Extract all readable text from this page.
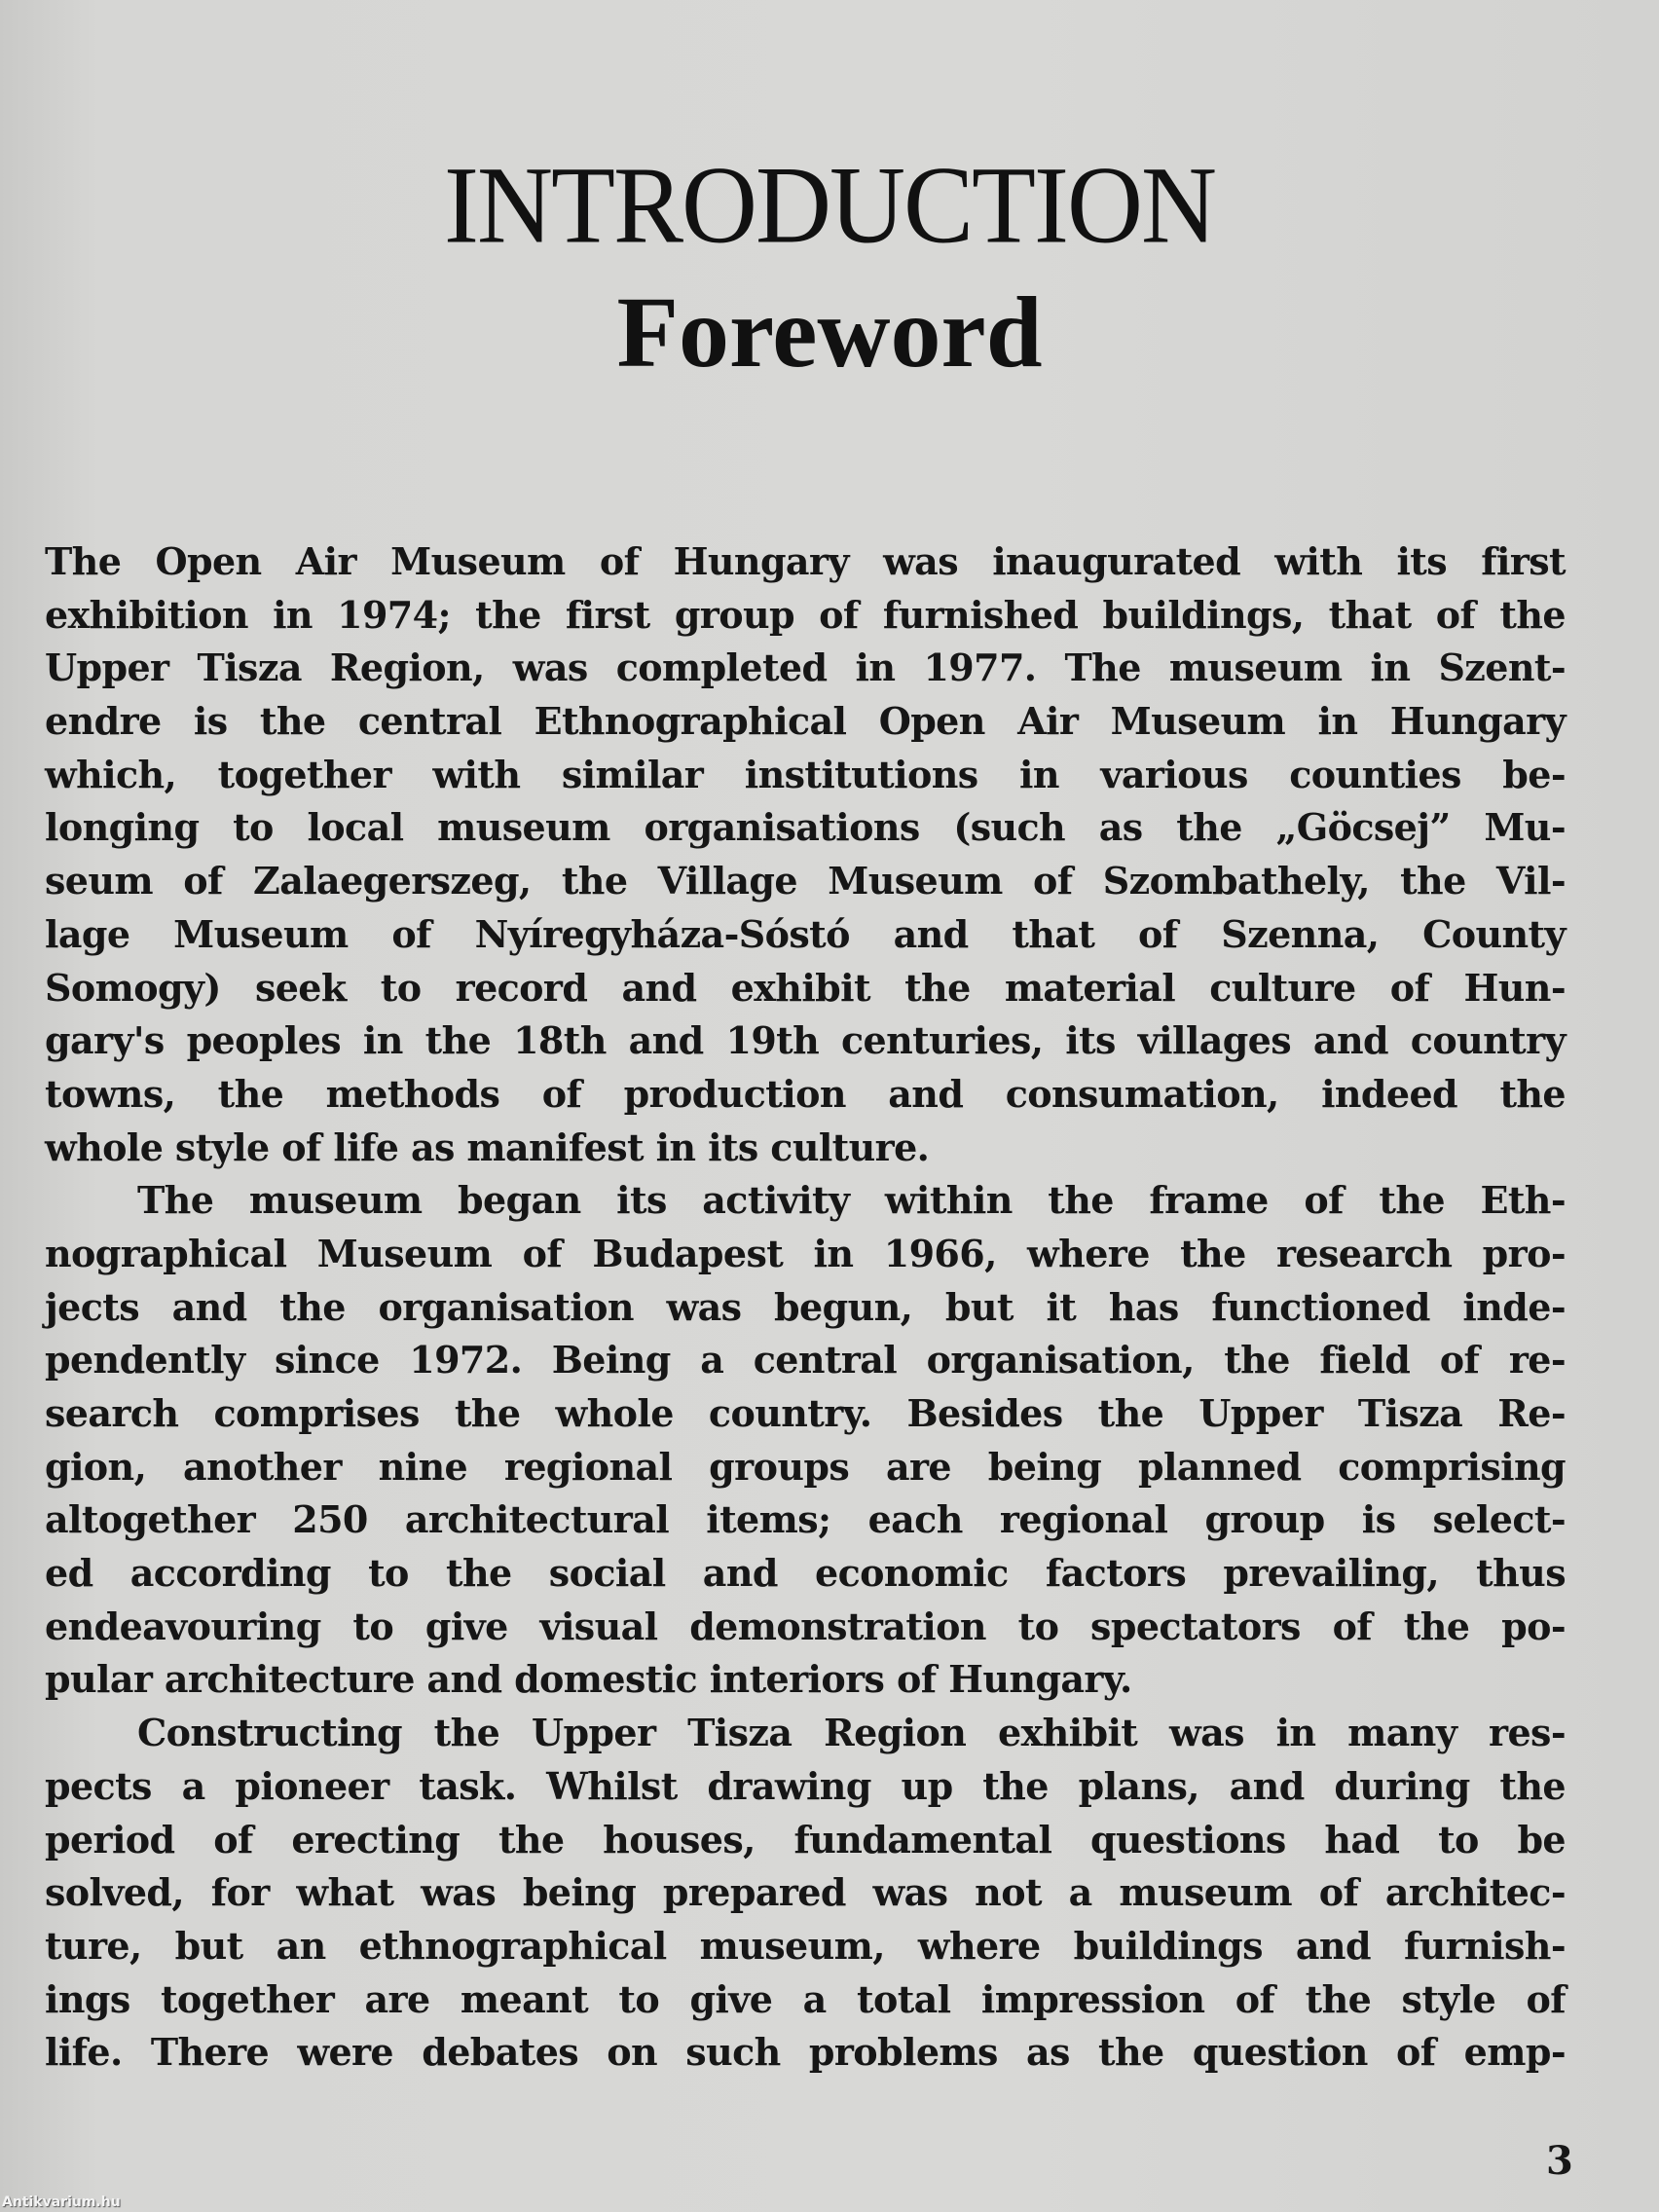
INTRODUCTION
Foreword
The Open Air Museum of Hungary was inaugurated with its first
exhibition in 1974; the first group of furnished buildings, that of the
Upper Tisza Region, was completed in 1977. The museum in Szent-
endre is the central Ethnographical Open Air Museum in Hungary
which, together with similar institutions in various counties be-
longing to local museum organisations (such as the „Göcsej” Mu-
seum of Zalaegerszeg, the Village Museum of Szombathely, the Vil-
lage Museum of Nyíregyháza-Sóstó and that of Szenna, County
Somogy) seek to record and exhibit the material culture of Hun-
gary's peoples in the 18th and 19th centuries, its villages and country
towns, the methods of production and consumation, indeed the
whole style of life as manifest in its culture.
The museum began its activity within the frame of the Eth-
nographical Museum of Budapest in 1966, where the research pro-
jects and the organisation was begun, but it has functioned inde-
pendently since 1972. Being a central organisation, the field of re-
search comprises the whole country. Besides the Upper Tisza Re-
gion, another nine regional groups are being planned comprising
altogether 250 architectural items; each regional group is select-
ed according to the social and economic factors prevailing, thus
endeavouring to give visual demonstration to spectators of the po-
pular architecture and domestic interiors of Hungary.
Constructing the Upper Tisza Region exhibit was in many res-
pects a pioneer task. Whilst drawing up the plans, and during the
period of erecting the houses, fundamental questions had to be
solved, for what was being prepared was not a museum of architec-
ture, but an ethnographical museum, where buildings and furnish-
ings together are meant to give a total impression of the style of
life. There were debates on such problems as the question of emp-
3
Antikvarium.hu
